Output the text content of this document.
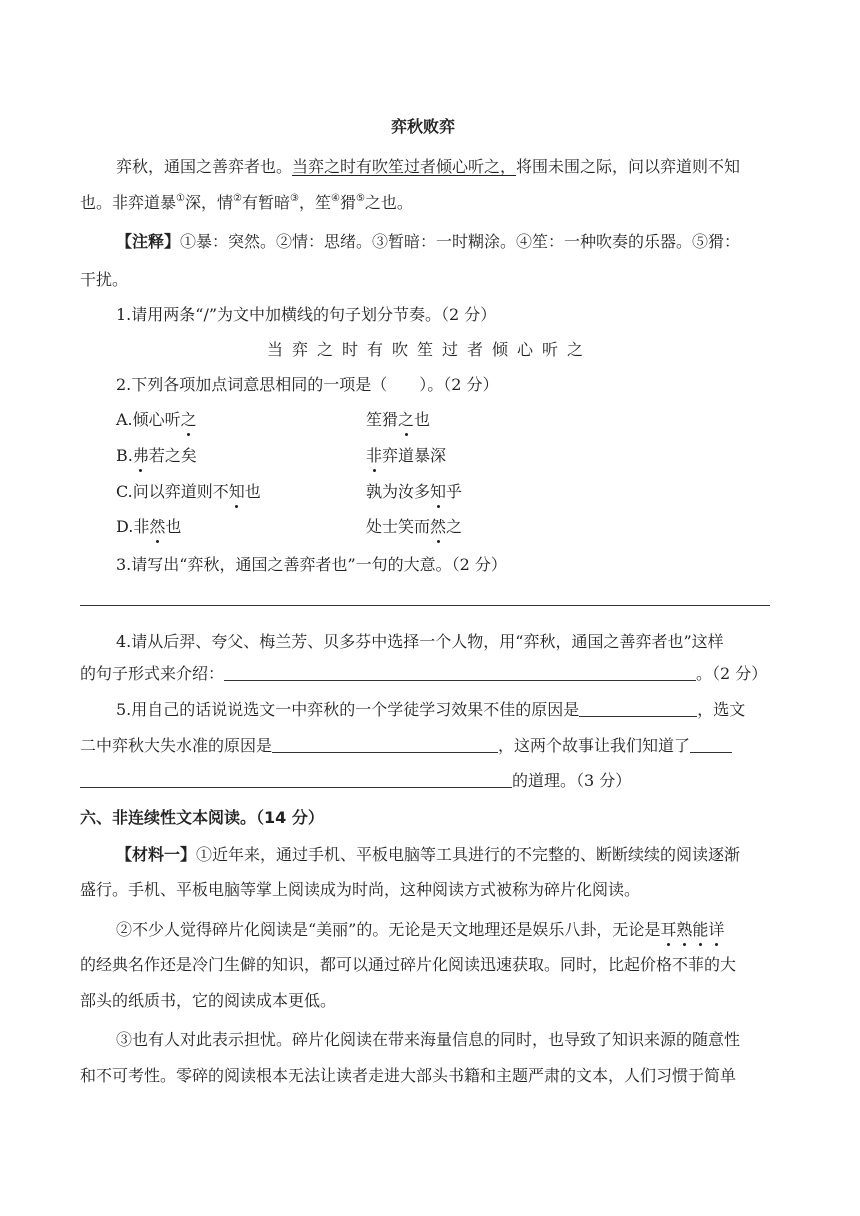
弈秋败弈
弈秋，通国之善弈者也。当弈之时有吹笙过者倾心听之，将围未围之际，问以弈道则不知
也。非弈道暴①深，情②有暂暗③，笙④猾⑤之也。
【注释】①暴：突然。②情：思绪。③暂暗：一时糊涂。④笙：一种吹奏的乐器。⑤猾：
干扰。
1.请用两条“/”为文中加横线的句子划分节奏。（2 分）
当弈之时有吹笙过者倾心听之
2.下列各项加点词意思相同的一项是（　　）。（2 分）
A.倾心听之	笙猾之也
B.弗若之矣	非弈道暴深
C.问以弈道则不知也	孰为汝多知乎
D.非然也	处士笑而然之
3.请写出“弈秋，通国之善弈者也”一句的大意。（2 分）
4.请从后羿、夸父、梅兰芳、贝多芬中选择一个人物，用“弈秋，通国之善弈者也”这样
的句子形式来介绍：	。（2 分）
5.用自己的话说说选文一中弈秋的一个学徒学习效果不佳的原因是	，选文
二中弈秋大失水准的原因是	，这两个故事让我们知道了
的道理。（3 分）
六、非连续性文本阅读。（14 分）
【材料一】①近年来，通过手机、平板电脑等工具进行的不完整的、断断续续的阅读逐渐
盛行。手机、平板电脑等掌上阅读成为时尚，这种阅读方式被称为碎片化阅读。
②不少人觉得碎片化阅读是“美丽”的。无论是天文地理还是娱乐八卦，无论是耳熟能详
的经典名作还是冷门生僻的知识，都可以通过碎片化阅读迅速获取。同时，比起价格不菲的大
部头的纸质书，它的阅读成本更低。
③也有人对此表示担忧。碎片化阅读在带来海量信息的同时，也导致了知识来源的随意性
和不可考性。零碎的阅读根本无法让读者走进大部头书籍和主题严肃的文本，人们习惯于简单
